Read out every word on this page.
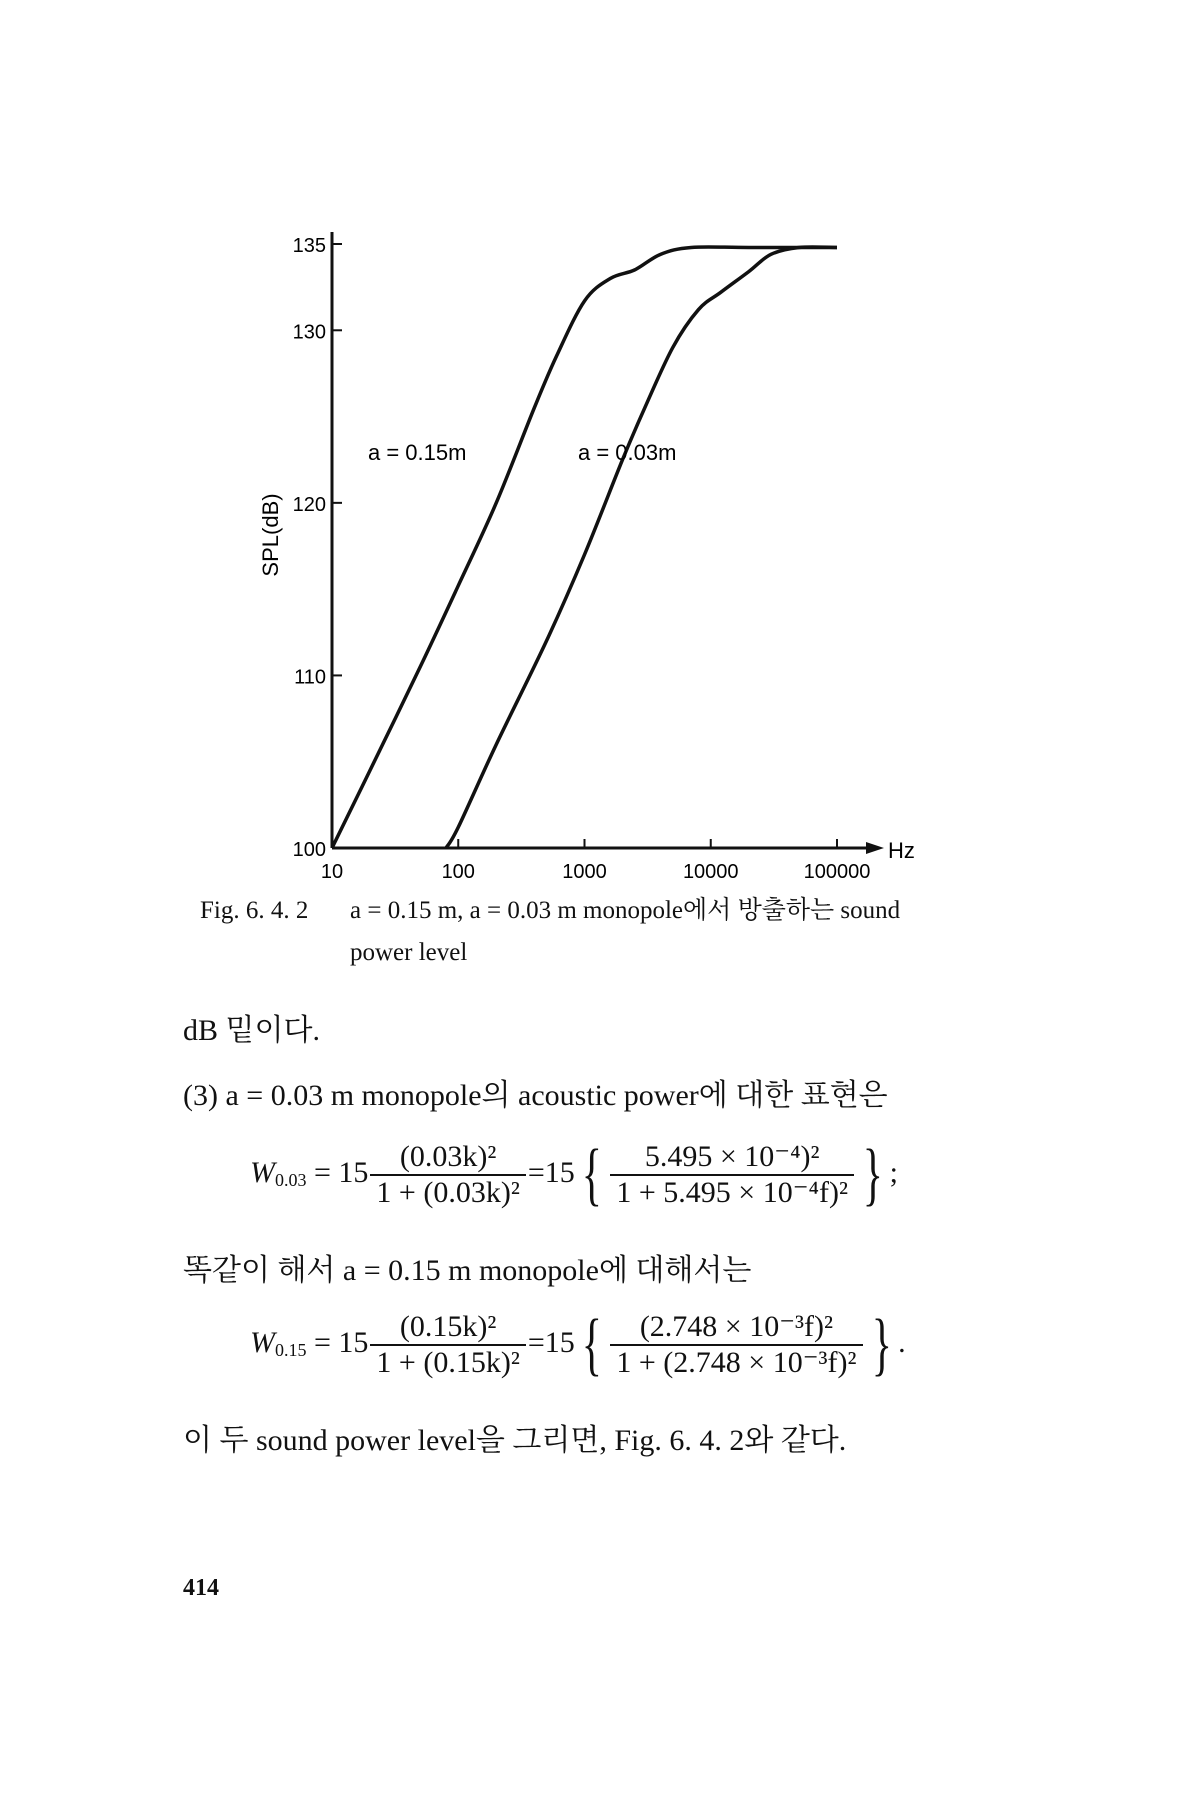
100
110
120
130
135
10	100	1000	10000	100000
SPL(dB)
Hz
a = 0.15m	a = 0.03m
Fig. 6. 4. 2 a = 0.15 m, a = 0.03 m monopole에서 방출하는 sound
power level
dB 밑이다.
(3) a = 0.03 m monopole의 acoustic power에 대한 표현은
$W_{0.03} = 15 \frac{\text{(0.03k)²}}{\text{1 + (0.03k)²}} =15\{ \frac{\text{5.495 × 10⁻⁴)²}}{\text{1 + 5.495 × 10⁻⁴f)²}}$ } ;
똑같이 해서 a = 0.15 m monopole에 대해서는
$W_{0.15} = 15 \frac{\text{(0.15k)²}}{\text{1 + (0.15k)²}} =15\{ \frac{\text{(2.748 × 10⁻³f)²}}{\text{1 + (2.748 × 10⁻³f)²}}$ } .
이 두 sound power level을 그리면, Fig. 6. 4. 2와 같다.
414
